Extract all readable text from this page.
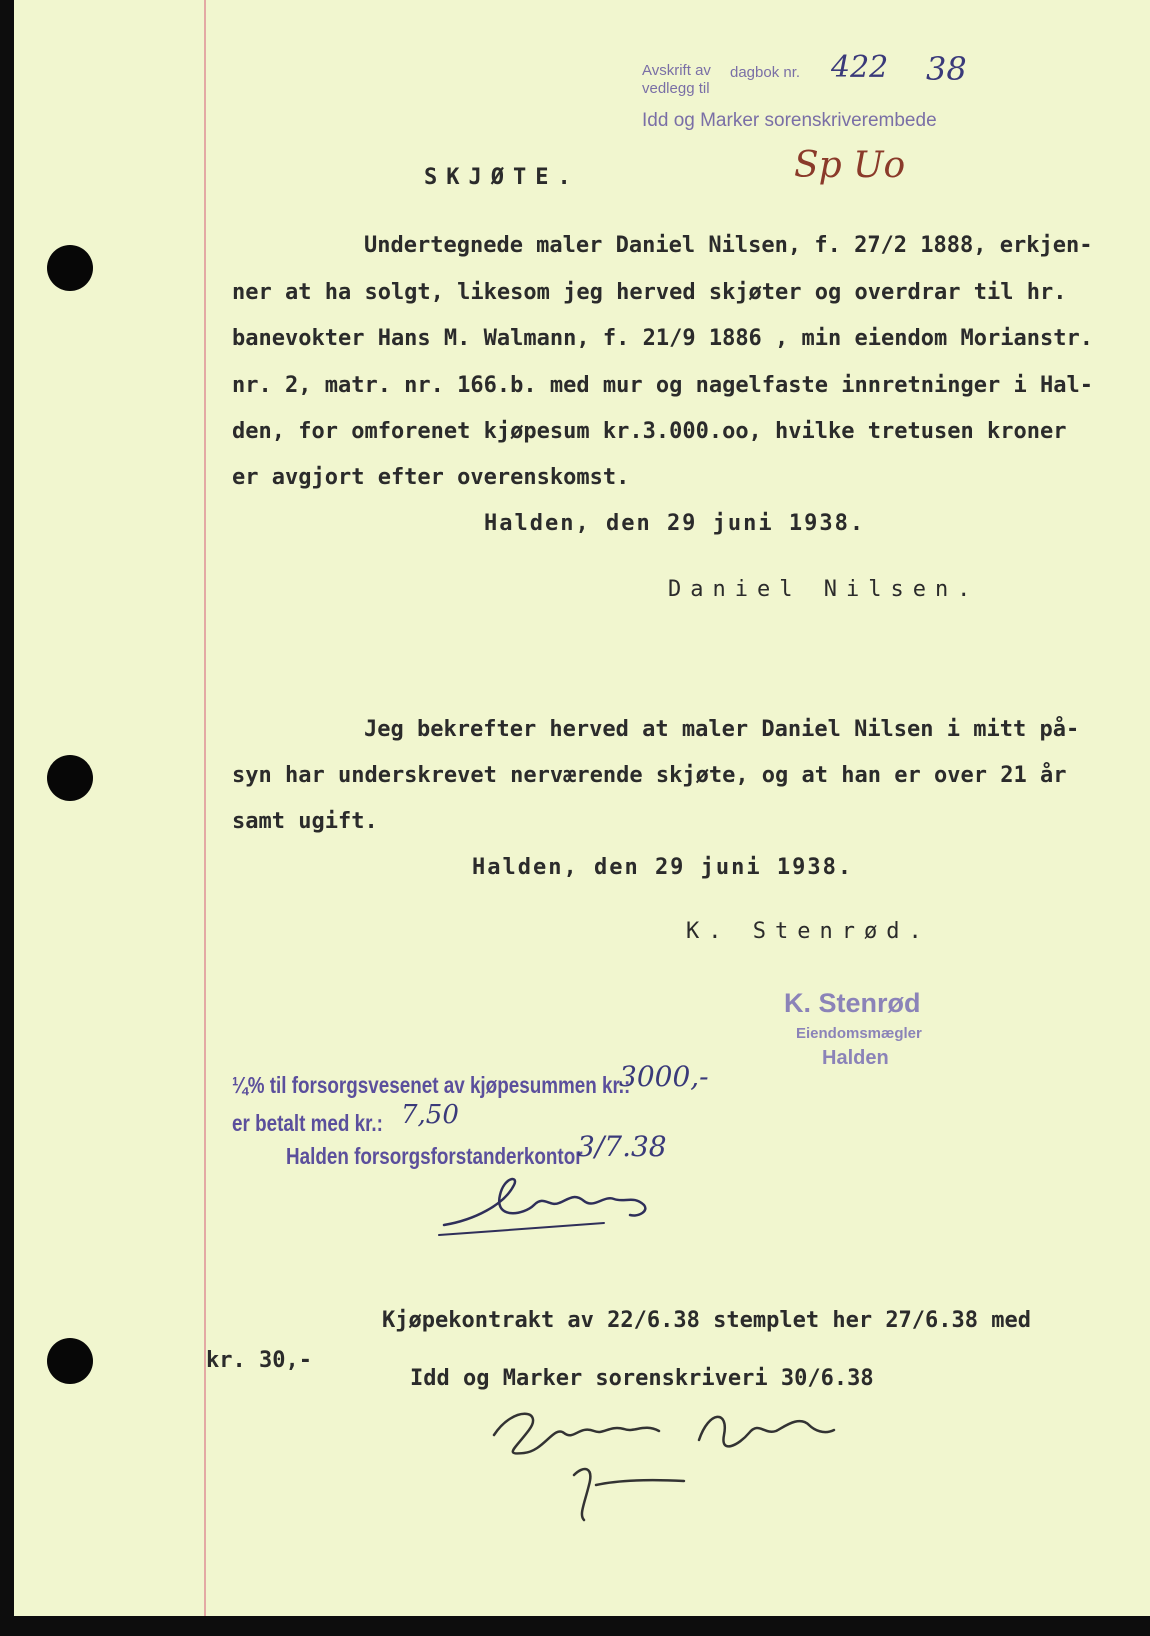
Avskrift av dagbok nr. 422 38
vedlegg til
Idd og Marker sorenskriverembede
Sp Uo
SKJØTE.
Undertegnede maler Daniel Nilsen, f. 27/2 1888, erkjen-
ner at ha solgt, likesom jeg herved skjøter og overdrar til hr.
banevokter Hans M. Walmann, f. 21/9 1886 , min eiendom Morianstr.
nr. 2, matr. nr. 166.b. med mur og nagelfaste innretninger i Hal-
den, for omforenet kjøpesum kr.3.000.oo, hvilke tretusen kroner
er avgjort efter overenskomst.
Halden, den 29 juni 1938.
Daniel Nilsen.
Jeg bekrefter herved at maler Daniel Nilsen i mitt på-
syn har underskrevet nerværende skjøte, og at han er over 21 år
samt ugift.
Halden, den 29 juni 1938.
K. Stenrød.
K. Stenrød
Eiendomsmægler
Halden
¼% til forsorgsvesenet av kjøpesummen kr.:
3000,-
er betalt med kr.: 7,50
Halden forsorgsforstanderkontor
3/7.38
Kjøpekontrakt av 22/6.38 stemplet her 27/6.38 med
kr. 30,-
Idd og Marker sorenskriveri 30/6.38
